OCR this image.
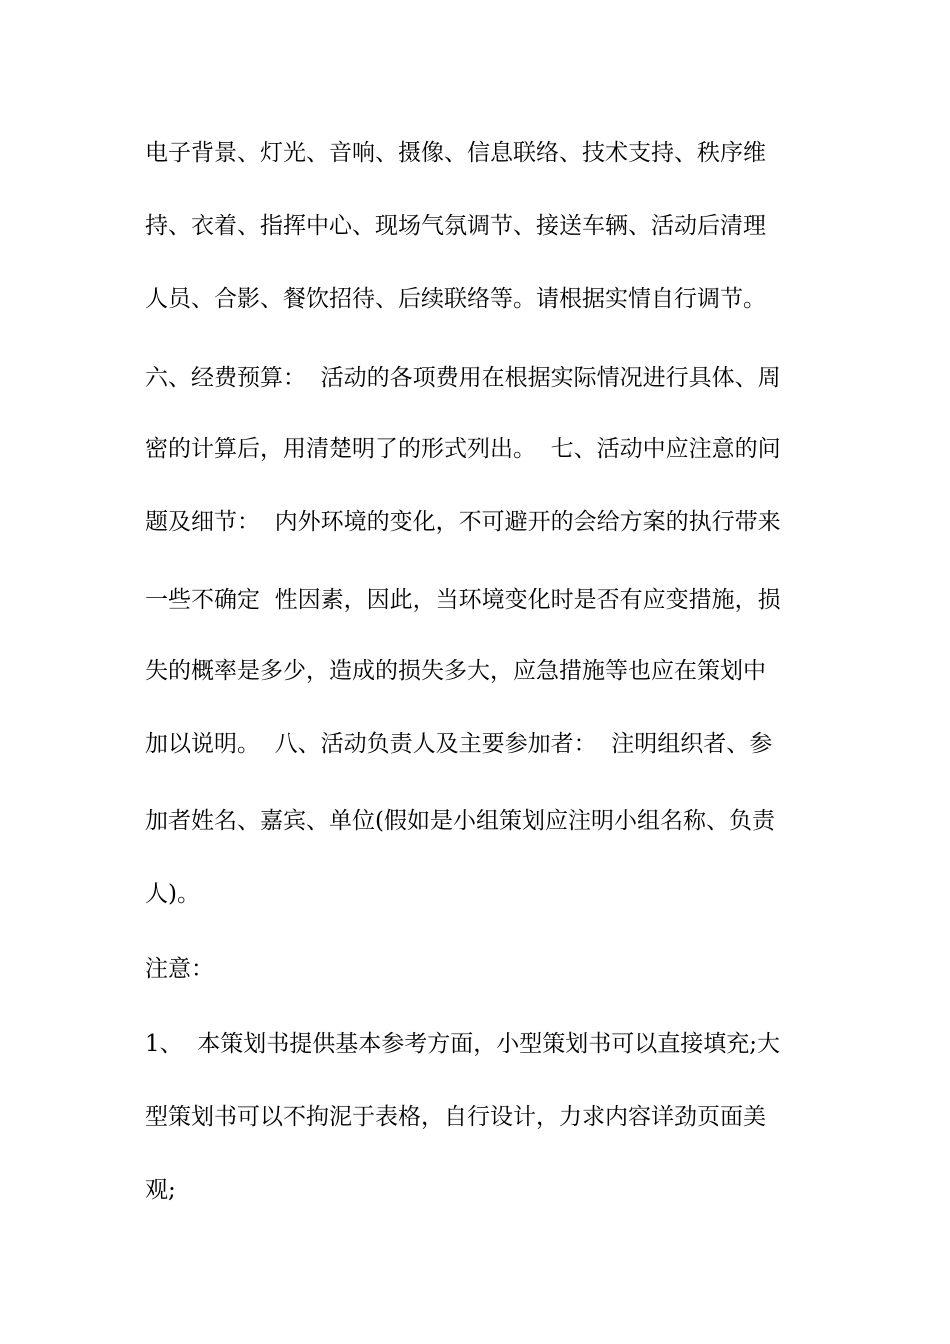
电子背景、灯光、音响、摄像、信息联络、技术支持、秩序维
持、衣着、指挥中心、现场气氛调节、接送车辆、活动后清理
人员、合影、餐饮招待、后续联络等。请根据实情自行调节。
六、经费预算：  活动的各项费用在根据实际情况进行具体、周
密的计算后，用清楚明了的形式列出。  七、活动中应注意的问
题及细节：  内外环境的变化，不可避开的会给方案的执行带来
一些不确定  性因素，因此，当环境变化时是否有应变措施，损
失的概率是多少，造成的损失多大，应急措施等也应在策划中
加以说明。  八、活动负责人及主要参加者：  注明组织者、参
加者姓名、嘉宾、单位(假如是小组策划应注明小组名称、负责
人)。
注意：
1、  本策划书提供基本参考方面，小型策划书可以直接填充;大
型策划书可以不拘泥于表格，自行设计，力求内容详劲页面美
观;
